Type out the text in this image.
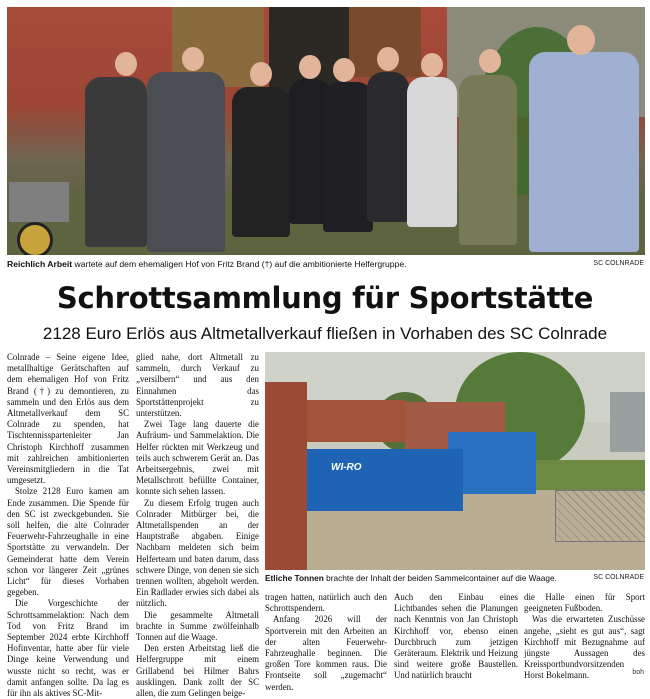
Reichlich Arbeit wartete auf dem ehemaligen Hof von Fritz Brand (†) auf die ambitionierte Helfergruppe.	SC COLNRADE
Schrottsammlung für Sportstätte
2128 Euro Erlös aus Altmetallverkauf fließen in Vorhaben des SC Colnrade

Colnrade – Seine eigene Idee, metallhaltige Gerätschaften auf dem ehemaligen Hof von Fritz Brand (†) zu demontieren, zu sammeln und den Erlös aus dem Altmetallverkauf dem SC Colnrade zu spenden, hat Tischtennisspartenleiter Jan Christoph Kirchhoff zusammen mit zahlreichen ambitionierten Vereinsmitgliedern in die Tat umgesetzt.

Stolze 2128 Euro kamen am Ende zusammen. Die Spende für den SC ist zweckgebunden. Sie soll helfen, die alte Colnrader Feuerwehr-Fahrzeughalle in eine Sportstätte zu verwandeln. Der Gemeinderat hatte dem Verein schon vor längerer Zeit „grünes Licht“ für dieses Vorhaben gegeben.

Die Vorgeschichte der Schrottsammelaktion: Nach dem Tod von Fritz Brand im September 2024 erbte Kirchhoff Hofinventar, hatte aber für viele Dinge keine Verwendung und wusste nicht so recht, was er damit anfangen sollte. Da lag es für ihn als aktives SC-Mit-

glied nahe, dort Altmetall zu sammeln, durch Verkauf zu „versilbern“ und aus den Einnahmen das Sportstättenprojekt zu unterstützen.

Zwei Tage lang dauerte die Aufräum- und Sammelaktion. Die Helfer rückten mit Werkzeug und teils auch schwerem Gerät an. Das Arbeitsergebnis, zwei mit Metallschrott befüllte Container, konnte sich sehen lassen.

Zu diesem Erfolg trugen auch Colnrader Mitbürger bei, die Altmetallspenden an der Hauptstraße abgaben. Einige Nachbarn meldeten sich beim Helferteam und baten darum, dass schwere Dinge, von denen sie sich trennen wollten, abgeholt werden. Ein Radlader erwies sich dabei als nützlich.

Die gesammelte Altmetall brachte in Summe zwölfeinhalb Tonnen auf die Waage.

Den ersten Arbeitstag ließ die Helfergruppe mit einem Grillabend bei Hilmer Bahrs ausklingen. Dank zollt der SC allen, die zum Gelingen beige-

WI-RO
Etliche Tonnen brachte der Inhalt der beiden Sammelcontainer auf die Waage.	SC COLNRADE

tragen hatten, natürlich auch den Schrottspendern.

Anfang 2026 will der Sportverein mit den Arbeiten an der alten Feuerwehr-Fahrzeughalle beginnen. Die großen Tore kommen raus. Die Frontseite soll „zugemacht“ werden.

Auch den Einbau eines Lichtbandes sehen die Planungen nach Kenntnis von Jan Christoph Kirchhoff vor, ebenso einen Durchbruch zum jetzigen Geräteraum. Elektrik und Heizung sind weitere große Baustellen. Und natürlich braucht

die Halle einen für Sport geeigneten Fußboden.

Was die erwarteten Zuschüsse angehe, „sieht es gut aus“, sagt Kirchhoff mit Bezugnahme auf jüngste Aussagen des Kreissportbundvorsitzenden Horst Bokelmann.	boh
